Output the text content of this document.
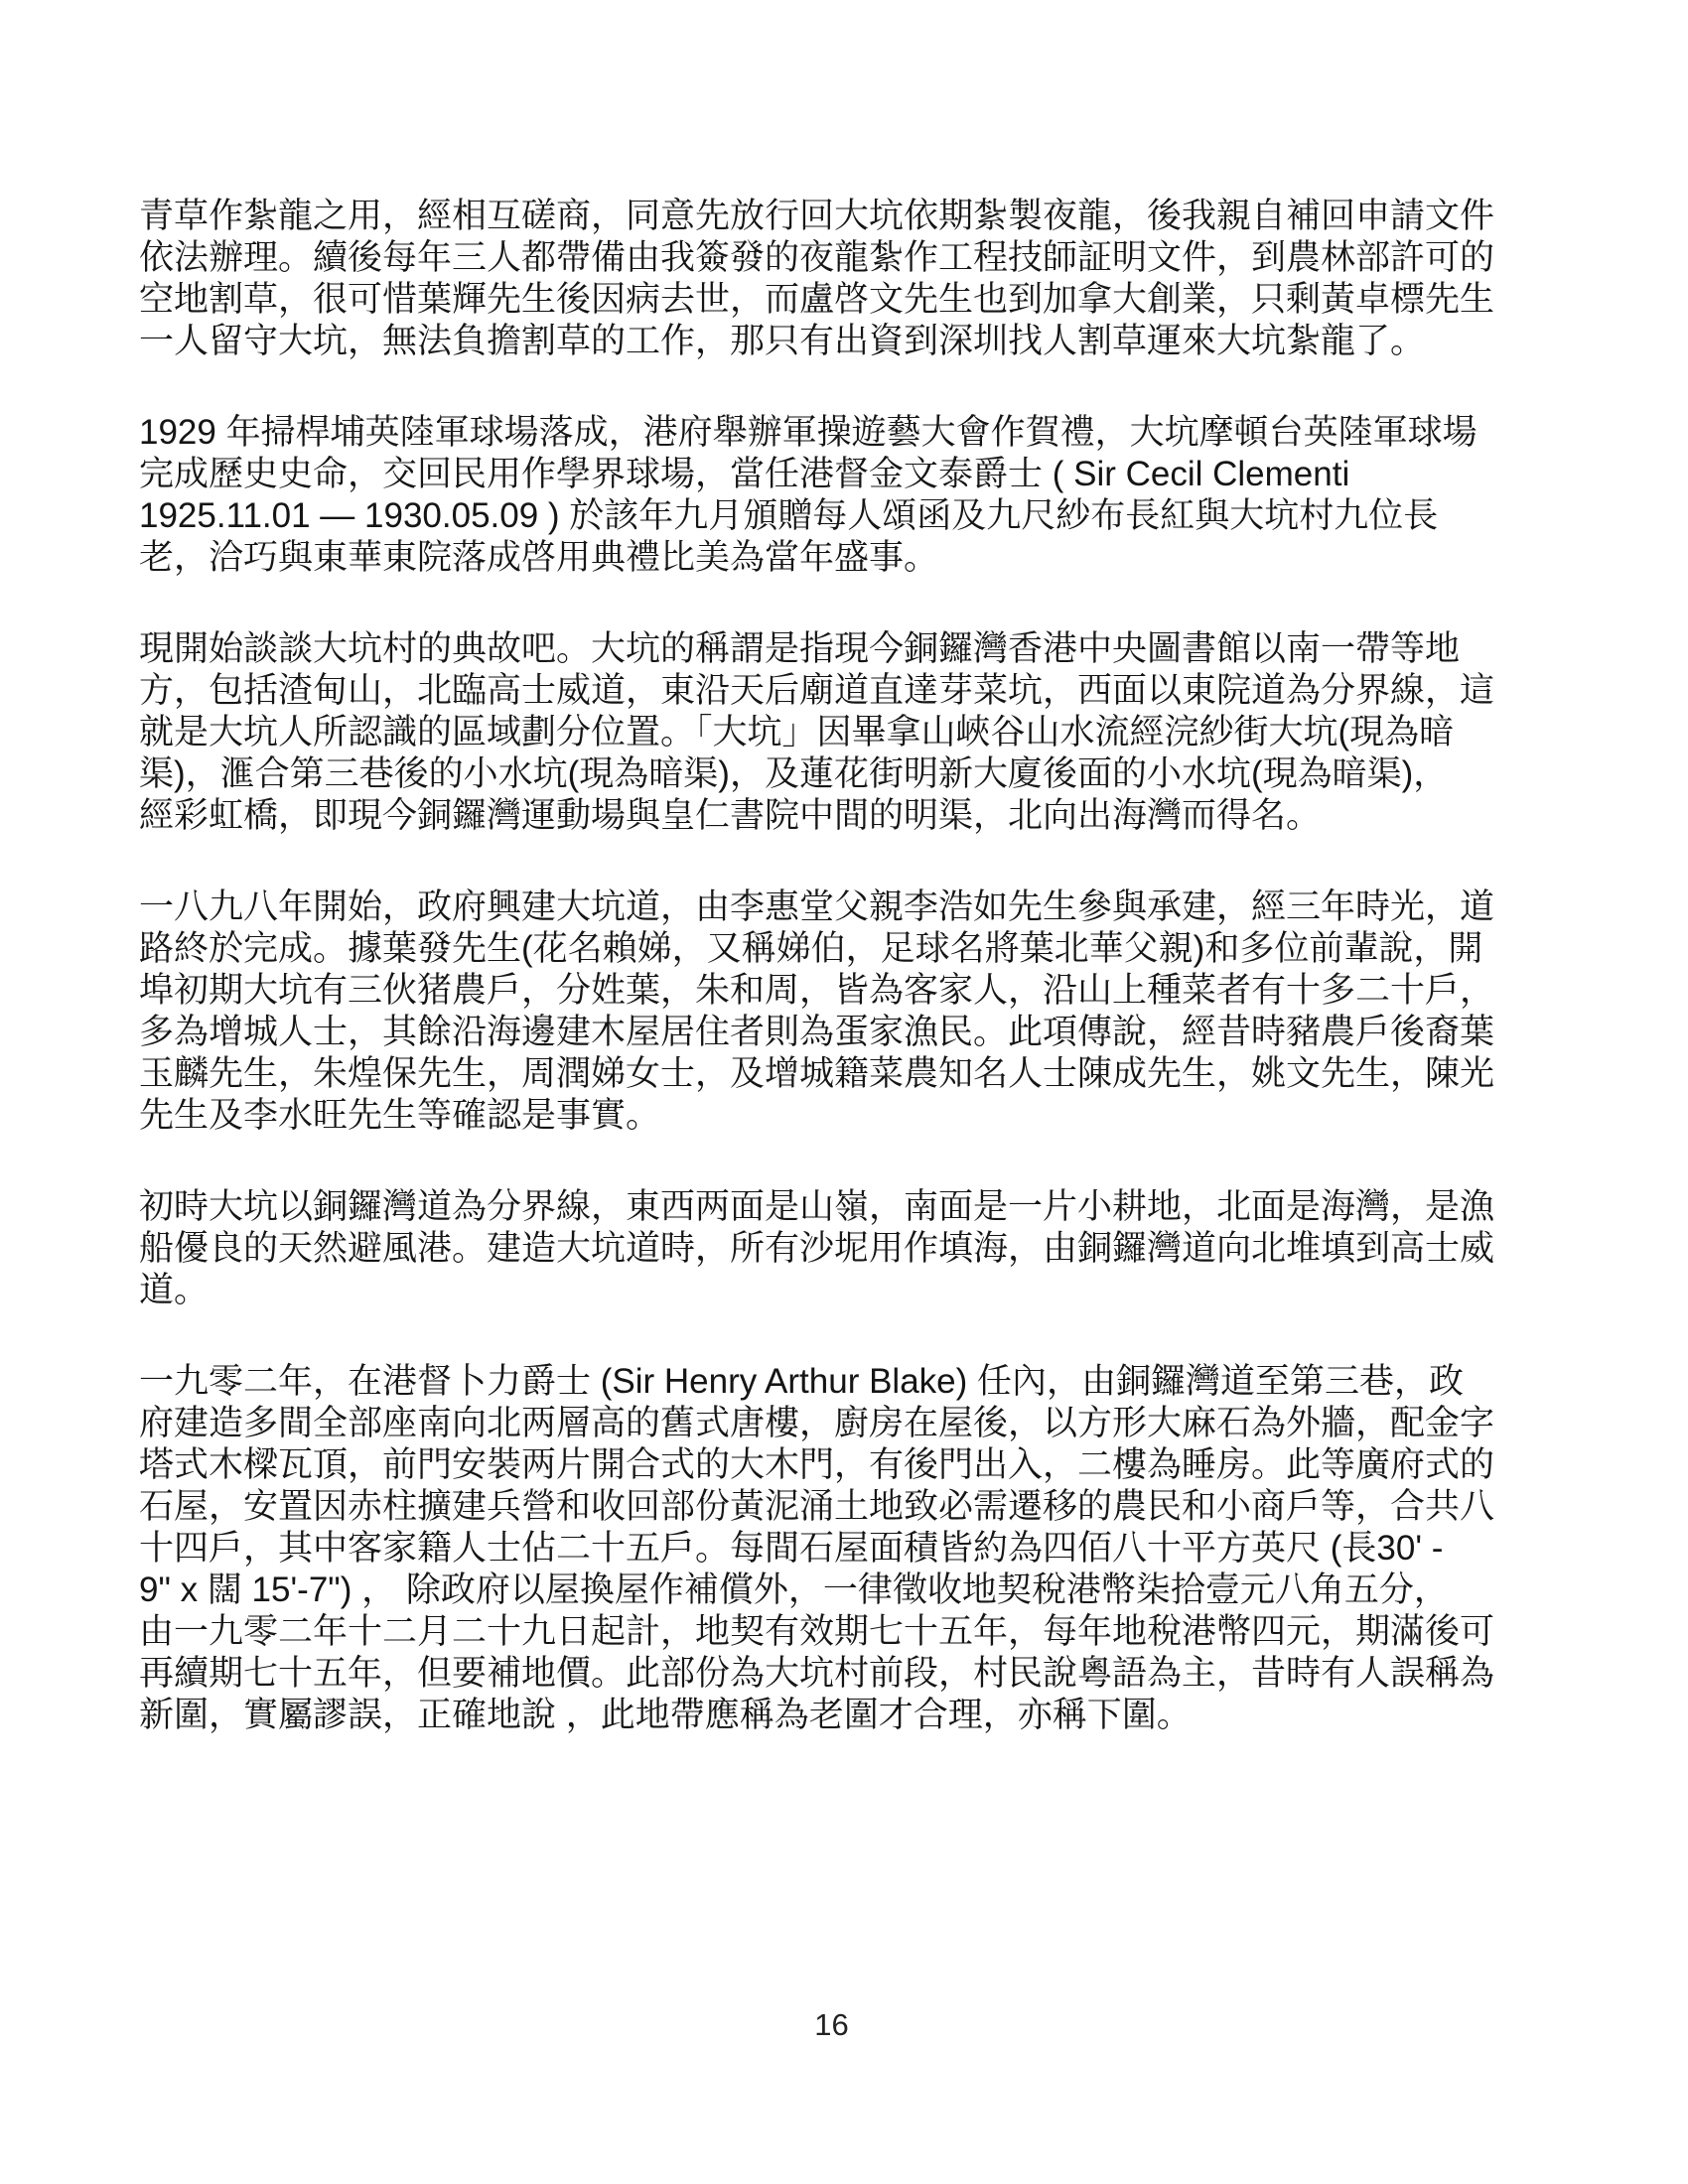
青草作紮龍之用，經相互磋商，同意先放行回大坑依期紮製夜龍，後我親自補回申請文件
依法辦理。續後每年三人都帶備由我簽發的夜龍紮作工程技師証明文件，到農林部許可的
空地割草，很可惜葉輝先生後因病去世，而盧啓文先生也到加拿大創業，只剩黃卓標先生
一人留守大坑，無法負擔割草的工作，那只有出資到深圳找人割草運來大坑紮龍了。
1929 年掃桿埔英陸軍球場落成，港府舉辦軍操遊藝大會作賀禮，大坑摩頓台英陸軍球場
完成歷史史命，交回民用作學界球場，當任港督金文泰爵士 ( Sir Cecil Clementi
1925.11.01 — 1930.05.09 ) 於該年九月頒贈每人頌函及九尺紗布長紅與大坑村九位長
老，洽巧與東華東院落成啓用典禮比美為當年盛事。
現開始談談大坑村的典故吧。大坑的稱謂是指現今銅鑼灣香港中央圖書館以南一帶等地
方，包括渣甸山，北臨高士威道，東沿天后廟道直達芽菜坑，西面以東院道為分界線，這
就是大坑人所認識的區域劃分位置。「大坑」因畢拿山峽谷山水流經浣紗街大坑(現為暗
渠)，滙合第三巷後的小水坑(現為暗渠)，及蓮花街明新大廈後面的小水坑(現為暗渠)，
經彩虹橋，即現今銅鑼灣運動場與皇仁書院中間的明渠，北向出海灣而得名。
一八九八年開始，政府興建大坑道，由李惠堂父親李浩如先生參與承建，經三年時光，道
路終於完成。據葉發先生(花名賴娣，又稱娣伯，足球名將葉北華父親)和多位前輩說，開
埠初期大坑有三伙猪農戶，分姓葉，朱和周，皆為客家人，沿山上種菜者有十多二十戶，
多為增城人士，其餘沿海邊建木屋居住者則為蛋家漁民。此項傳說，經昔時豬農戶後裔葉
玉麟先生，朱煌保先生，周潤娣女士，及增城籍菜農知名人士陳成先生，姚文先生，陳光
先生及李水旺先生等確認是事實。
初時大坑以銅鑼灣道為分界線，東西两面是山嶺，南面是一片小耕地，北面是海灣，是漁
船優良的天然避風港。建造大坑道時，所有沙坭用作填海，由銅鑼灣道向北堆填到高士威
道。
一九零二年，在港督卜力爵士 (Sir Henry Arthur Blake) 任內，由銅鑼灣道至第三巷，政
府建造多間全部座南向北两層高的舊式唐樓，廚房在屋後，以方形大麻石為外牆，配金字
塔式木樑瓦頂，前門安裝两片開合式的大木門，有後門出入，二樓為睡房。此等廣府式的
石屋，安置因赤柱擴建兵營和收回部份黃泥涌土地致必需遷移的農民和小商戶等，合共八
十四戶，其中客家籍人士佔二十五戶。每間石屋面積皆約為四佰八十平方英尺 (長30' -
9" x 闊 15'-7") ， 除政府以屋換屋作補償外，一律徵收地契稅港幣柒拾壹元八角五分，
由一九零二年十二月二十九日起計，地契有效期七十五年，每年地稅港幣四元，期滿後可
再續期七十五年，但要補地價。此部份為大坑村前段，村民說粵語為主，昔時有人誤稱為
新圍，實屬謬誤，正確地說 ，此地帶應稱為老圍才合理，亦稱下圍。
16
